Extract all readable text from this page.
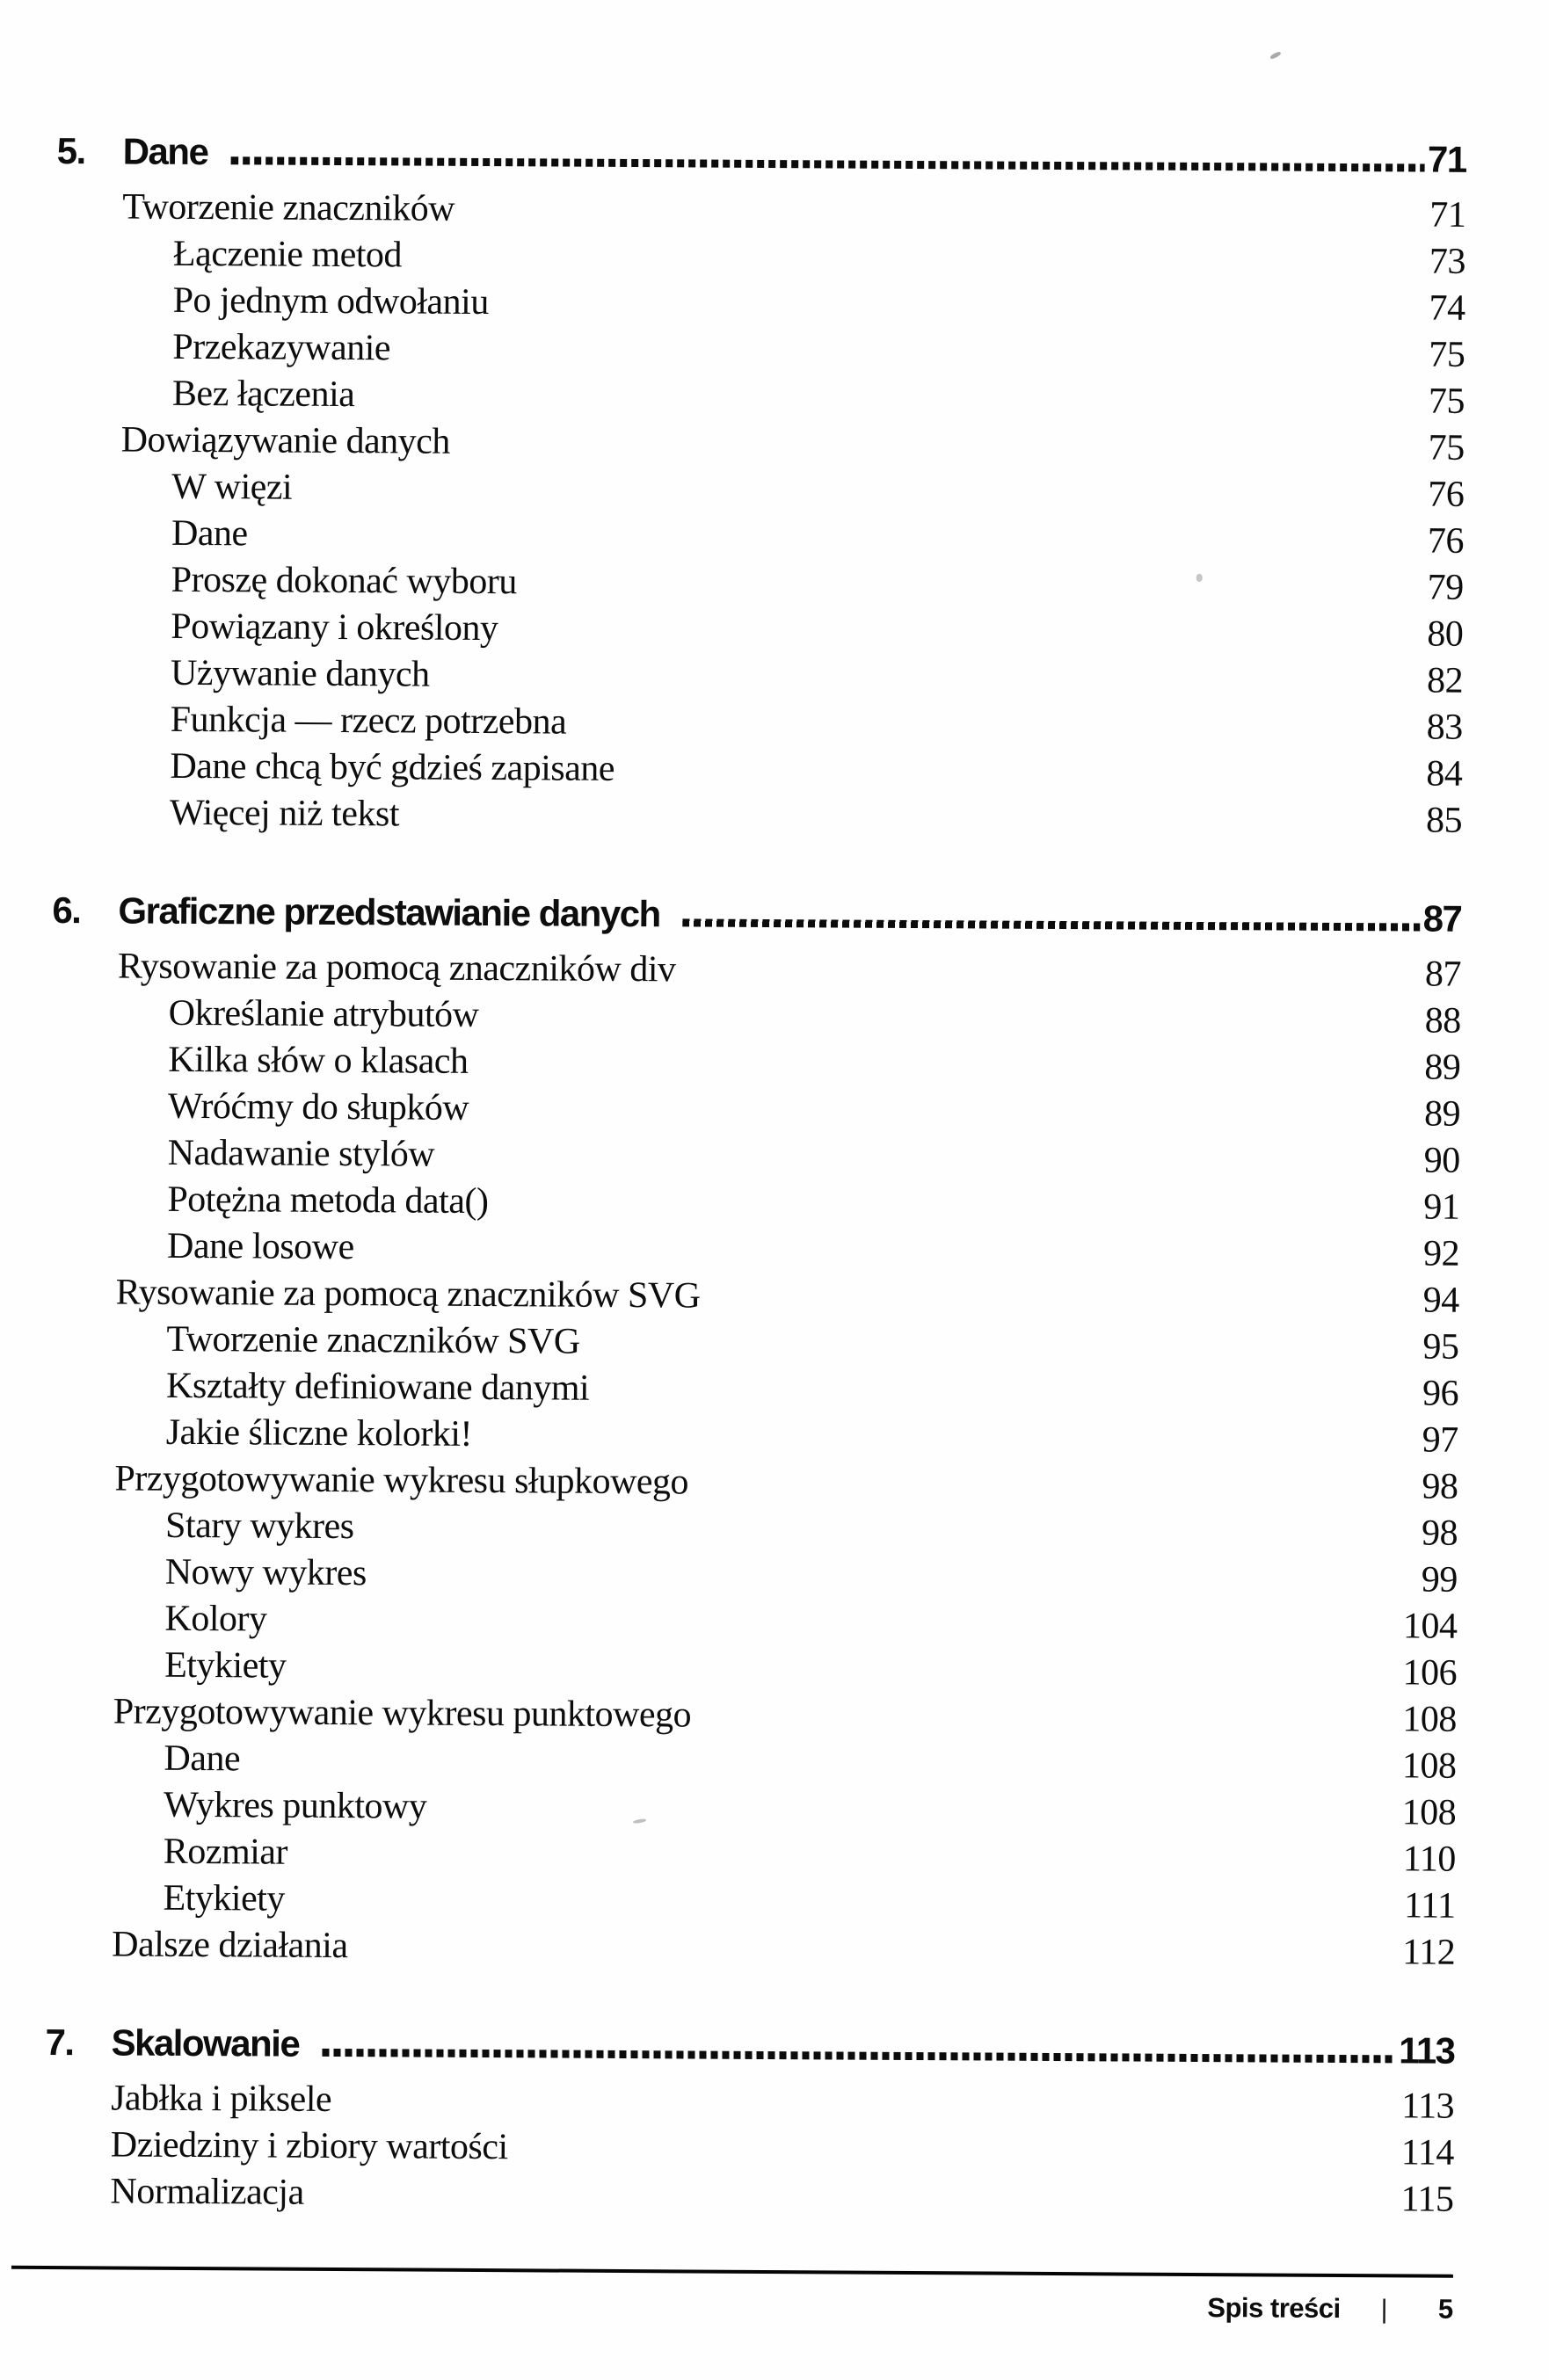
5.	Dane	71
Tworzenie znaczników	71
Łączenie metod	73
Po jednym odwołaniu	74
Przekazywanie	75
Bez łączenia	75
Dowiązywanie danych	75
W więzi	76
Dane	76
Proszę dokonać wyboru	79
Powiązany i określony	80
Używanie danych	82
Funkcja — rzecz potrzebna	83
Dane chcą być gdzieś zapisane	84
Więcej niż tekst	85
6.	Graficzne przedstawianie danych	87
Rysowanie za pomocą znaczników div	87
Określanie atrybutów	88
Kilka słów o klasach	89
Wróćmy do słupków	89
Nadawanie stylów	90
Potężna metoda data()	91
Dane losowe	92
Rysowanie za pomocą znaczników SVG	94
Tworzenie znaczników SVG	95
Kształty definiowane danymi	96
Jakie śliczne kolorki!	97
Przygotowywanie wykresu słupkowego	98
Stary wykres	98
Nowy wykres	99
Kolory	104
Etykiety	106
Przygotowywanie wykresu punktowego	108
Dane	108
Wykres punktowy	108
Rozmiar	110
Etykiety	111
Dalsze działania	112
7.	Skalowanie	113
Jabłka i piksele	113
Dziedziny i zbiory wartości	114
Normalizacja	115
Spis treści | 5
